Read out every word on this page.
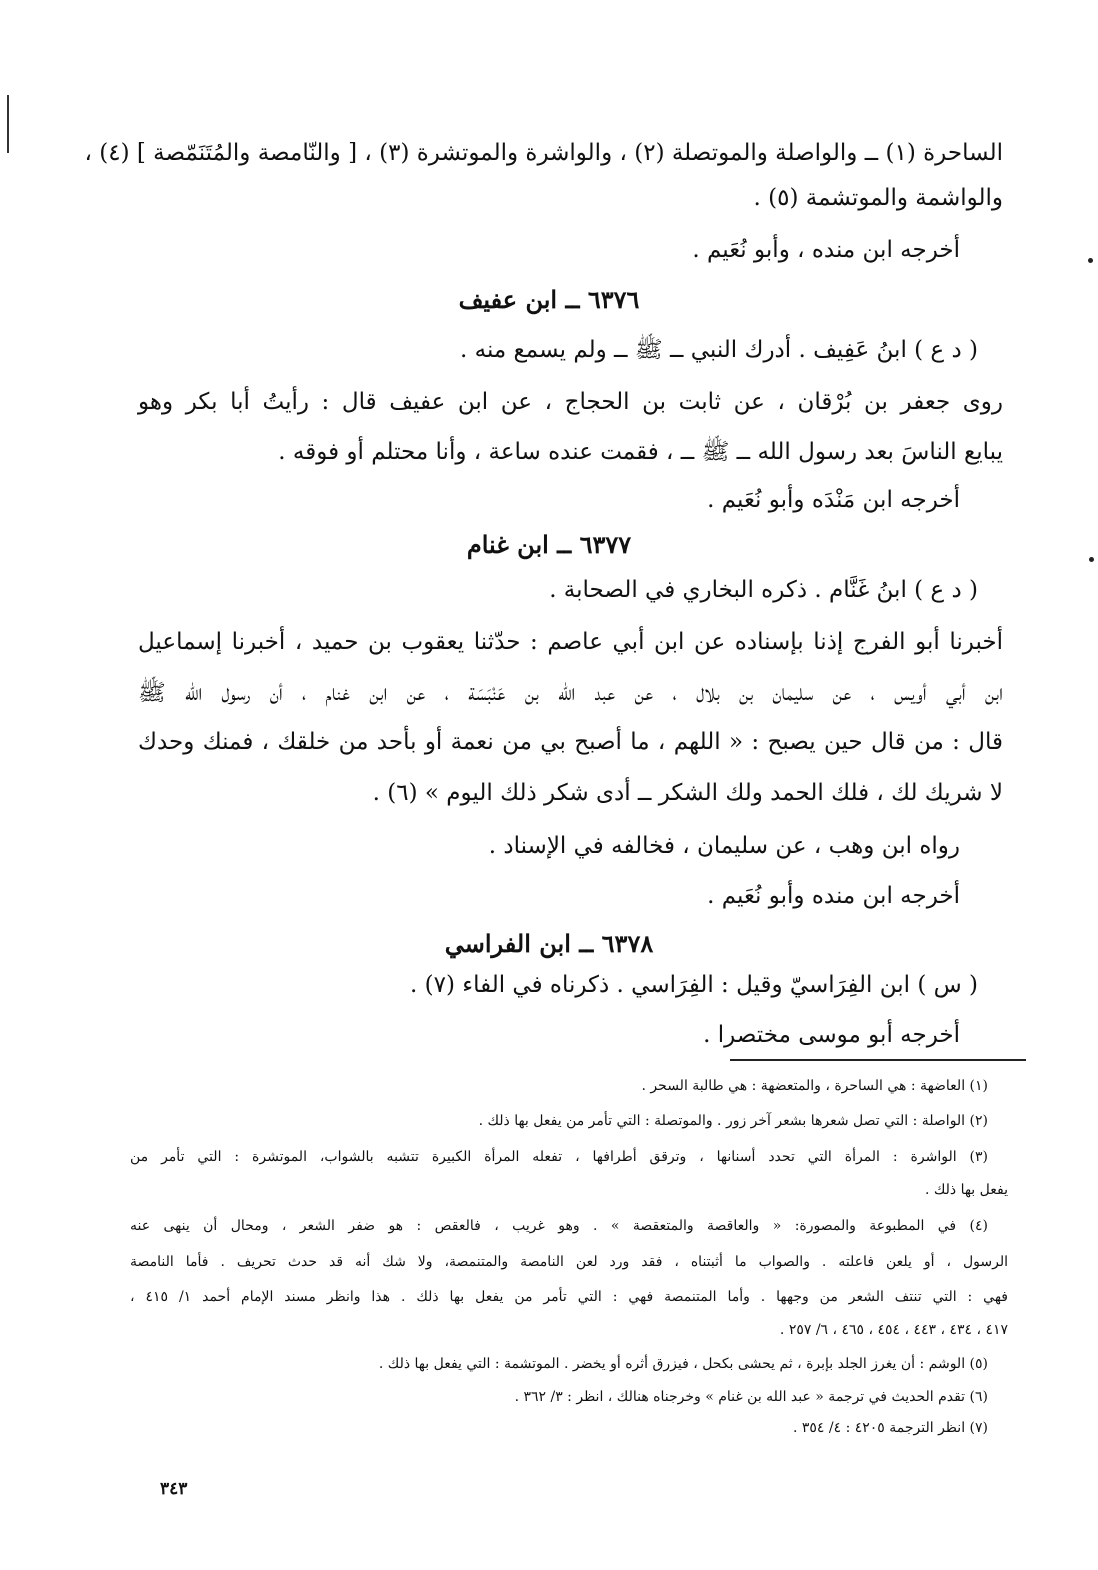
الساحرة (١) ــ والواصلة والموتصلة (٢) ، والواشرة والموتشرة (٣) ، [ والنّامصة والمُتَنَمّصة ] (٤) ،
والواشمة والموتشمة (٥) .
أخرجه ابن منده ، وأبو نُعَيم .
٦٣٧٦ ــ ابن عفيف
( د ع ) ابنُ عَفِيف . أدرك النبي ــ ﷺ ــ ولم يسمع منه .
روى جعفر بن بُرْقان ، عن ثابت بن الحجاج ، عن ابن عفيف قال : رأيتُ أبا بكر وهو
يبايع الناسَ بعد رسول الله ــ ﷺ ــ ، فقمت عنده ساعة ، وأنا محتلم أو فوقه .
أخرجه ابن مَنْدَه وأبو نُعَيم .
٦٣٧٧ ــ ابن غنام
( د ع ) ابنُ غَنَّام . ذكره البخاري في الصحابة .
أخبرنا أبو الفرج إذنا بإسناده عن ابن أبي عاصم : حدّثنا يعقوب بن حميد ، أخبرنا إسماعيل
ابن أبي أويس ، عن سليمان بن بلال ، عن عبد الله بن عَنْبَسَة ، عن ابن غنام ، أن رسول الله ﷺ
قال : من قال حين يصبح : « اللهم ، ما أصبح بي من نعمة أو بأحد من خلقك ، فمنك وحدك
لا شريك لك ، فلك الحمد ولك الشكر ــ أدى شكر ذلك اليوم » (٦) .
رواه ابن وهب ، عن سليمان ، فخالفه في الإسناد .
أخرجه ابن منده وأبو نُعَيم .
٦٣٧٨ ــ ابن الفراسي
( س ) ابن الفِرَاسيّ وقيل : الفِرَاسي . ذكرناه في الفاء (٧) .
أخرجه أبو موسى مختصرا .
(١) العاضهة : هي الساحرة ، والمتعضهة : هي طالبة السحر .
(٢) الواصلة : التي تصل شعرها بشعر آخر زور . والموتصلة : التي تأمر من يفعل بها ذلك .
(٣) الواشرة : المرأة التي تحدد أسنانها ، وترقق أطرافها ، تفعله المرأة الكبيرة تتشبه بالشواب، الموتشرة : التي تأمر من
يفعل بها ذلك .
(٤) في المطبوعة والمصورة: « والعاقصة والمتعقصة » . وهو غريب ، فالعقص : هو ضفر الشعر ، ومحال أن ينهى عنه
الرسول ، أو يلعن فاعلته . والصواب ما أثبتناه ، فقد ورد لعن النامصة والمتنمصة، ولا شك أنه قد حدث تحريف . فأما النامصة
فهي : التي تنتف الشعر من وجهها . وأما المتنمصة فهي : التي تأمر من يفعل بها ذلك . هذا وانظر مسند الإمام أحمد ١/ ٤١٥ ،
٤١٧ ، ٤٣٤ ، ٤٤٣ ، ٤٥٤ ، ٤٦٥ ، ٦/ ٢٥٧ .
(٥) الوشم : أن يغرز الجلد بإبرة ، ثم يحشى بكحل ، فيزرق أثره أو يخضر . الموتشمة : التي يفعل بها ذلك .
(٦) تقدم الحديث في ترجمة « عبد الله بن غنام » وخرجناه هنالك ، انظر : ٣/ ٣٦٢ .
(٧) انظر الترجمة ٤٢٠٥ : ٤/ ٣٥٤ .
٣٤٣
